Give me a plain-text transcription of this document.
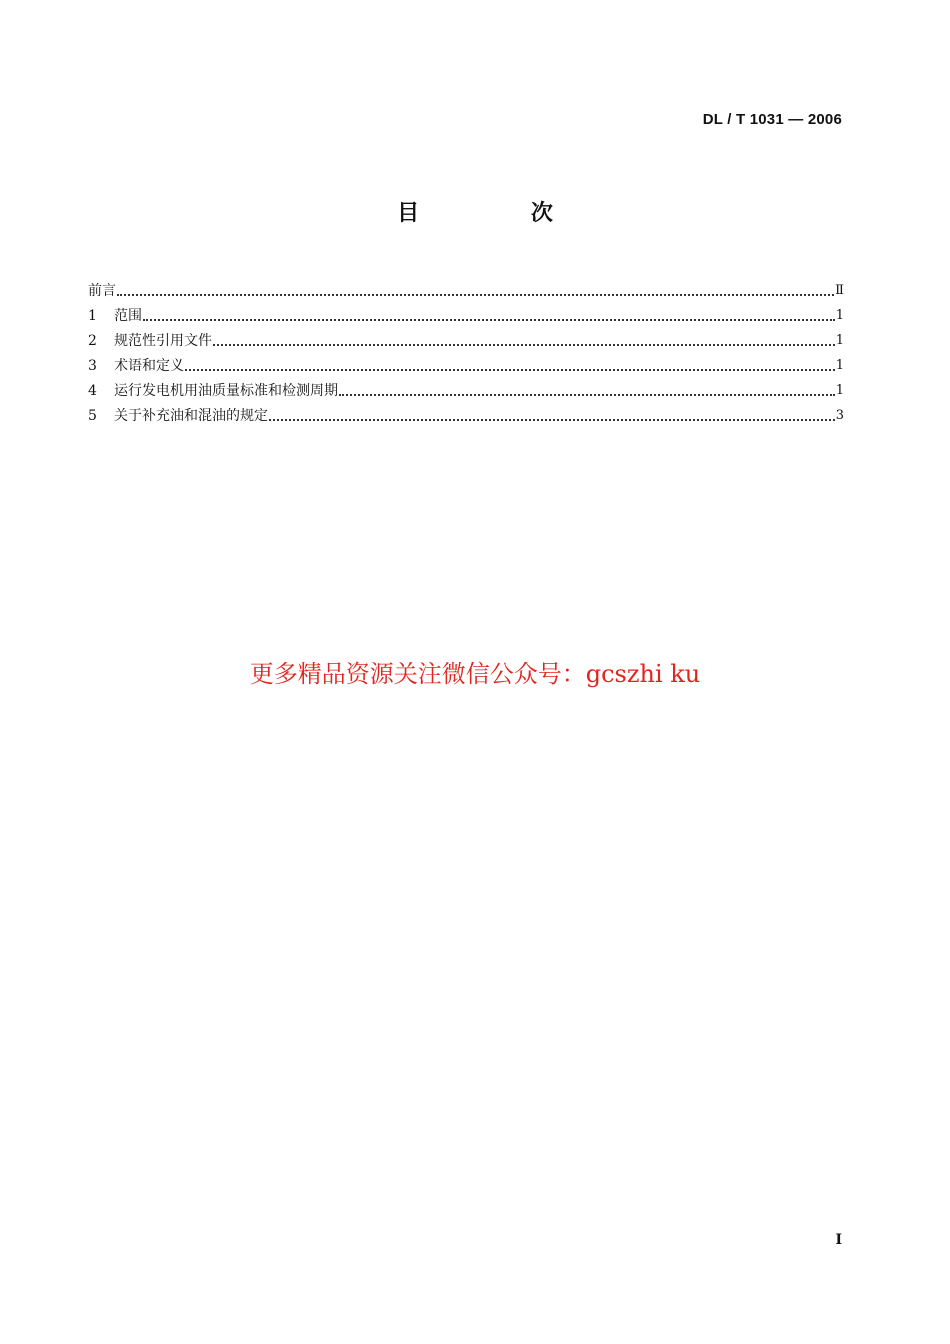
DL / T 1031 — 2006
目 次
前言	Ⅱ
1	范围	1
2	规范性引用文件	1
3	术语和定义	1
4	运行发电机用油质量标准和检测周期	1
5	关于补充油和混油的规定	3
更多精品资源关注微信公众号：gcszhi ku
I
